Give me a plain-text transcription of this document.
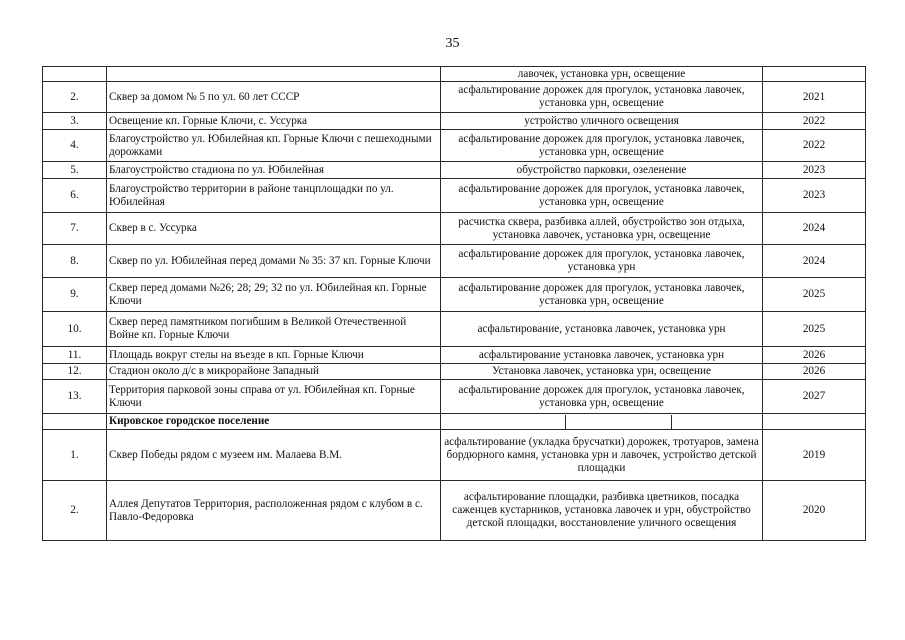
35
		лавочек, установка урн, освещение	
2.	Сквер за домом № 5 по ул. 60 лет СССР	асфальтирование дорожек для прогулок, установка лавочек, установка урн, освещение	2021
3.	Освещение кп. Горные Ключи, с. Уссурка	устройство уличного освещения	2022
4.	Благоустройство ул. Юбилейная кп. Горные Ключи с пешеходными дорожками	асфальтирование дорожек для прогулок, установка лавочек, установка урн, освещение	2022
5.	Благоустройство стадиона по ул. Юбилейная	обустройство парковки, озеленение	2023
6.	Благоустройство территории в районе танцплощадки по ул. Юбилейная	асфальтирование дорожек для прогулок, установка лавочек, установка урн, освещение	2023
7.	Сквер в с. Уссурка	расчистка сквера, разбивка аллей, обустройство зон отдыха, установка лавочек, установка урн, освещение	2024
8.	Сквер по ул. Юбилейная перед домами № 35: 37 кп. Горные Ключи	асфальтирование дорожек для прогулок, установка лавочек, установка урн	2024
9.	Сквер перед домами №26; 28; 29; 32 по ул. Юбилейная кп. Горные Ключи	асфальтирование дорожек для прогулок, установка лавочек, установка урн, освещение	2025
10.	Сквер перед памятником погибшим в Великой Отечественной Войне кп. Горные Ключи	асфальтирование, установка лавочек, установка урн	2025
11.	Площадь вокруг стелы на въезде в кп. Горные Ключи	асфальтирование установка лавочек, установка урн	2026
12.	Стадион около д/с в микрорайоне Западный	Установка лавочек, установка урн, освещение	2026
13.	Территория парковой зоны справа от ул. Юбилейная кп. Горные Ключи	асфальтирование дорожек для прогулок, установка лавочек, установка урн, освещение	2027
	Кировское городское поселение	

1.	Сквер Победы рядом с музеем им. Малаева В.М.	асфальтирование (укладка брусчатки) дорожек, тротуаров, замена бордюрного камня, установка урн и лавочек, устройство детской площадки	2019
2.	Аллея Депутатов Территория, расположенная рядом с клубом в с. Павло-Федоровка	асфальтирование площадки, разбивка цветников, посадка саженцев кустарников, установка лавочек и урн, обустройство детской площадки, восстановление уличного освещения	2020
